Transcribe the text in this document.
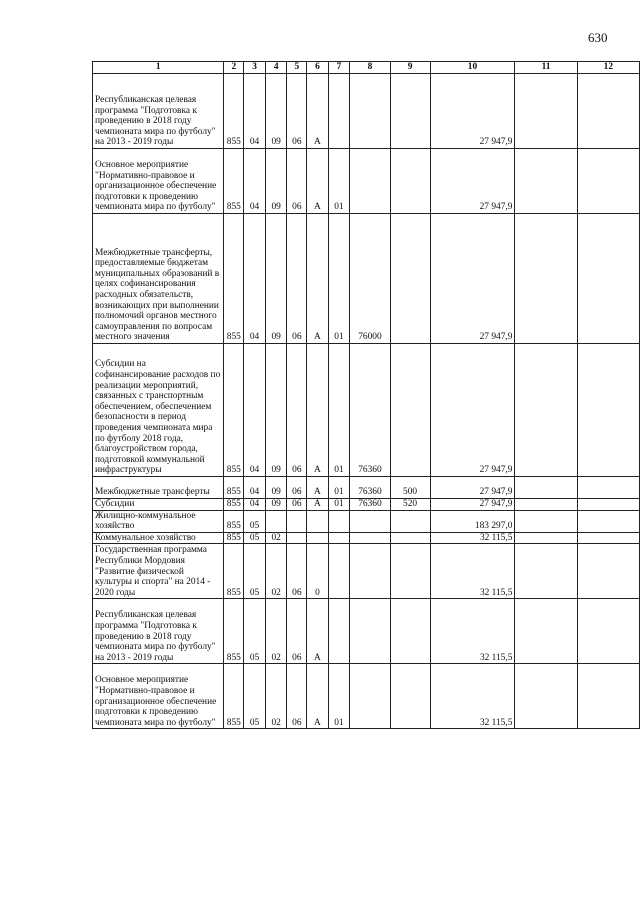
630
1	2	3	4	5	6	7	8	9	10	11	12
Республиканская целевая программа "Подготовка к проведению в 2018 году чемпионата мира по футболу" на 2013 - 2019 годы	855	04	09	06	А				27 947,9		
Основное мероприятие "Нормативно-правовое и организационное обеспечение подготовки к проведению чемпионата мира по футболу"	855	04	09	06	А	01			27 947,9		
Межбюджетные трансферты, предоставляемые бюджетам муниципальных образований в целях софинансирования расходных обязательств, возникающих при выполнении полномочий органов местного самоуправления по вопросам местного значения	855	04	09	06	А	01	76000		27 947,9		
Субсидии на софинансирование расходов по реализации мероприятий, связанных с транспортным обеспечением, обеспечением безопасности в период проведения чемпионата мира по футболу 2018 года, благоустройством города, подготовкой коммунальной инфраструктуры	855	04	09	06	А	01	76360		27 947,9		
Межбюджетные трансферты	855	04	09	06	А	01	76360	500	27 947,9		
Субсидии	855	04	09	06	А	01	76360	520	27 947,9		
Жилищно-коммунальное хозяйство	855	05							183 297,0		
Коммунальное хозяйство	855	05	02						32 115,5		
Государственная программа Республики Мордовия "Развитие физической культуры и спорта" на 2014 - 2020 годы	855	05	02	06	0				32 115,5		
Республиканская целевая программа "Подготовка к проведению в 2018 году чемпионата мира по футболу" на 2013 - 2019 годы	855	05	02	06	А				32 115,5		
Основное мероприятие "Нормативно-правовое и организационное обеспечение подготовки к проведению чемпионата мира по футболу"	855	05	02	06	А	01			32 115,5		
